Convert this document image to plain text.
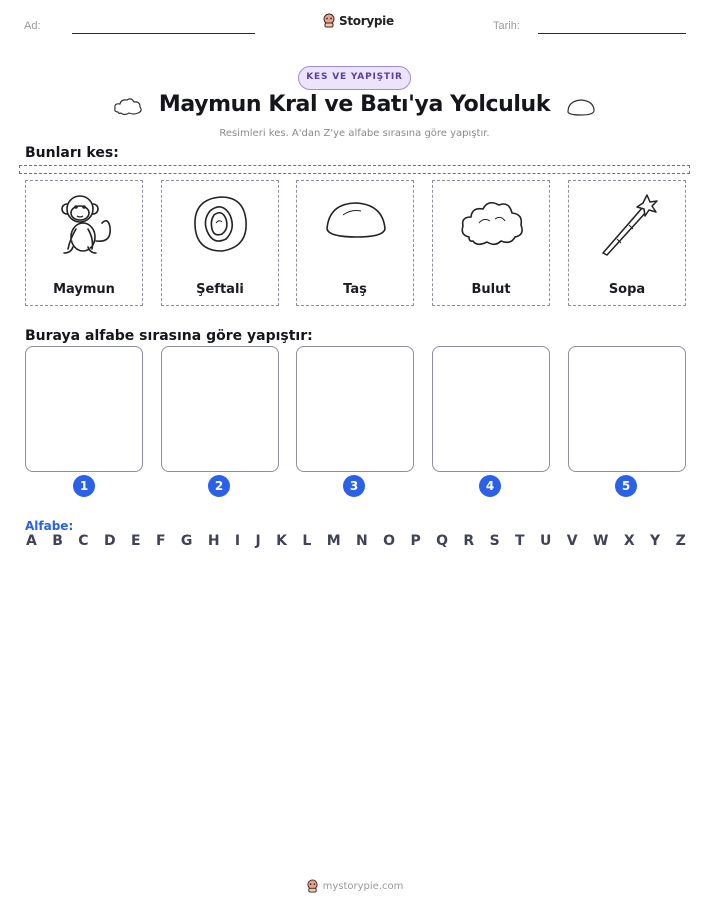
Ad:	Storypie	Tarih:
KES VE YAPIŞTIR
Maymun Kral ve Batı'ya Yolculuk
Resimleri kes. A'dan Z'ye alfabe sırasına göre yapıştır.
Bunları kes:
Maymun	Şeftali	Taş	Bulut	Sopa
Buraya alfabe sırasına göre yapıştır:
1	2	3	4	5
Alfabe:
A B C D E F G H I J K L M N O P Q R S T U V W X Y Z
mystorypie.com
